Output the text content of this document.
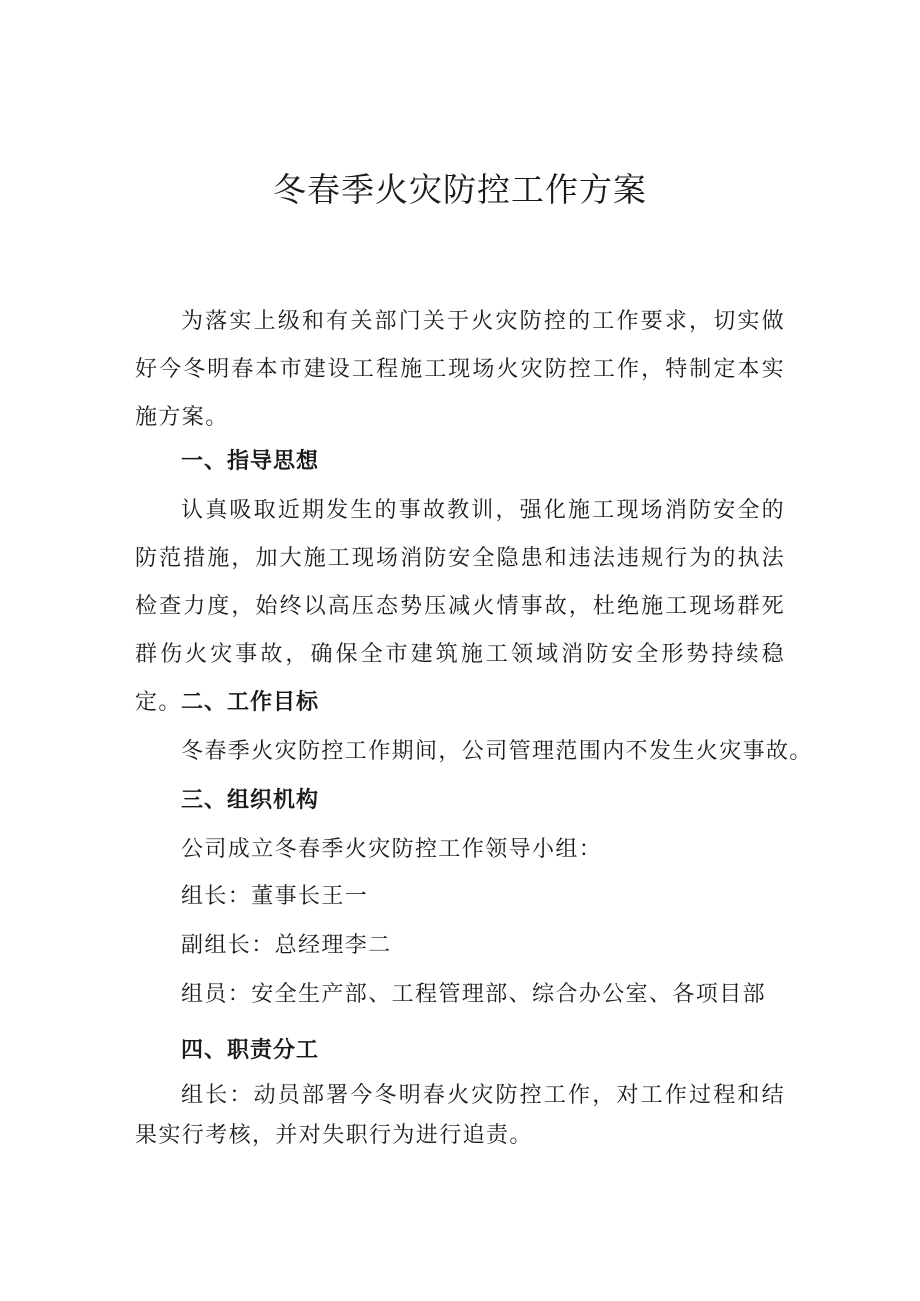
冬春季火灾防控工作方案

为落实上级和有关部门关于火灾防控的工作要求，切实做好今冬明春本市建设工程施工现场火灾防控工作，特制定本实施方案。

一、指导思想

认真吸取近期发生的事故教训，强化施工现场消防安全的防范措施，加大施工现场消防安全隐患和违法违规行为的执法检查力度，始终以高压态势压减火情事故，杜绝施工现场群死群伤火灾事故，确保全市建筑施工领域消防安全形势持续稳定。 二、工作目标

冬春季火灾防控工作期间，公司管理范围内不发生火灾事故。

三、组织机构

公司成立冬春季火灾防控工作领导小组：

组长：董事长王一

副组长：总经理李二

组员：安全生产部、工程管理部、综合办公室、各项目部

四、职责分工

组长：动员部署今冬明春火灾防控工作，对工作过程和结果实行考核，并对失职行为进行追责。
